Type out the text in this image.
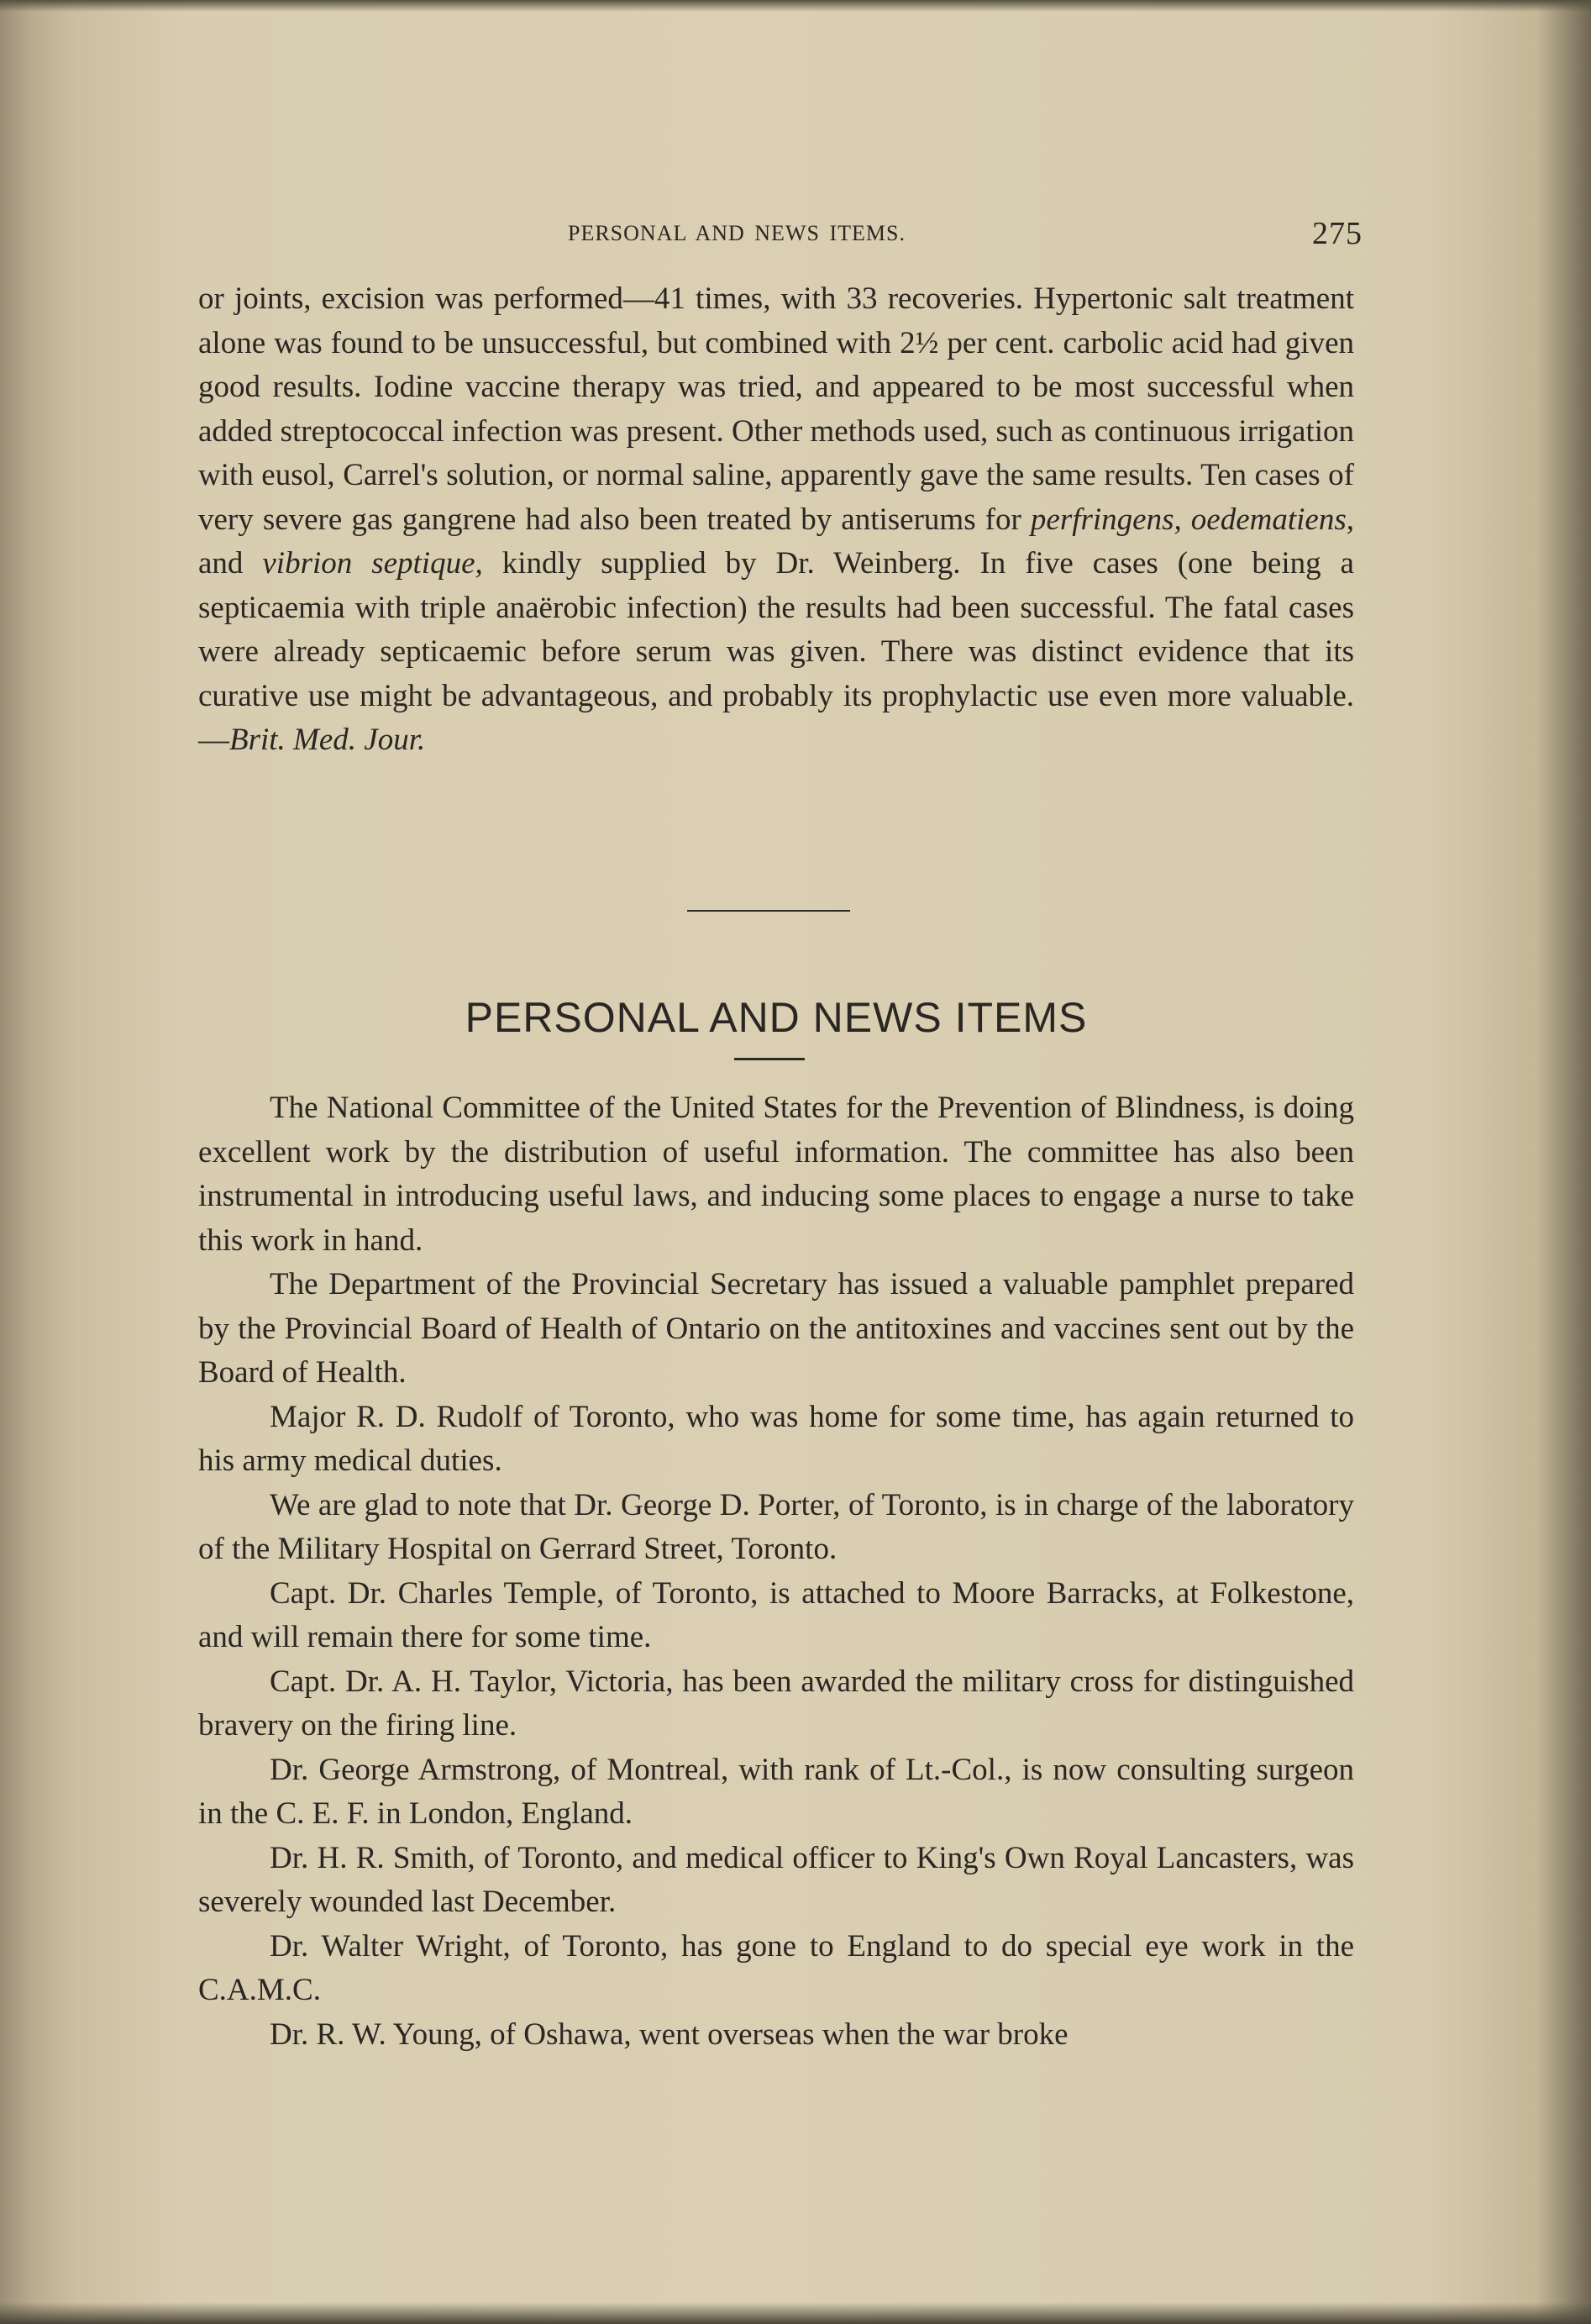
PERSONAL AND NEWS ITEMS.	275

or joints, excision was performed—41 times, with 33 recoveries. Hypertonic salt treatment alone was found to be unsuccessful, but combined with 2½ per cent. carbolic acid had given good results. Iodine vaccine therapy was tried, and appeared to be most successful when added streptococcal infection was present. Other methods used, such as continuous irrigation with eusol, Carrel's solution, or normal saline, apparently gave the same results. Ten cases of very severe gas gangrene had also been treated by antiserums for perfringens, oedematiens, and vibrion septique, kindly supplied by Dr. Weinberg. In five cases (one being a septicaemia with triple anaërobic infection) the results had been successful. The fatal cases were already septicaemic before serum was given. There was distinct evidence that its curative use might be advantageous, and probably its prophylactic use even more valuable.—Brit. Med. Jour.

PERSONAL AND NEWS ITEMS

The National Committee of the United States for the Prevention of Blindness, is doing excellent work by the distribution of useful information. The committee has also been instrumental in introducing useful laws, and inducing some places to engage a nurse to take this work in hand.

The Department of the Provincial Secretary has issued a valuable pamphlet prepared by the Provincial Board of Health of Ontario on the antitoxines and vaccines sent out by the Board of Health.

Major R. D. Rudolf of Toronto, who was home for some time, has again returned to his army medical duties.

We are glad to note that Dr. George D. Porter, of Toronto, is in charge of the laboratory of the Military Hospital on Gerrard Street, Toronto.

Capt. Dr. Charles Temple, of Toronto, is attached to Moore Barracks, at Folkestone, and will remain there for some time.

Capt. Dr. A. H. Taylor, Victoria, has been awarded the military cross for distinguished bravery on the firing line.

Dr. George Armstrong, of Montreal, with rank of Lt.-Col., is now consulting surgeon in the C. E. F. in London, England.

Dr. H. R. Smith, of Toronto, and medical officer to King's Own Royal Lancasters, was severely wounded last December.

Dr. Walter Wright, of Toronto, has gone to England to do special eye work in the C.A.M.C.

Dr. R. W. Young, of Oshawa, went overseas when the war broke
